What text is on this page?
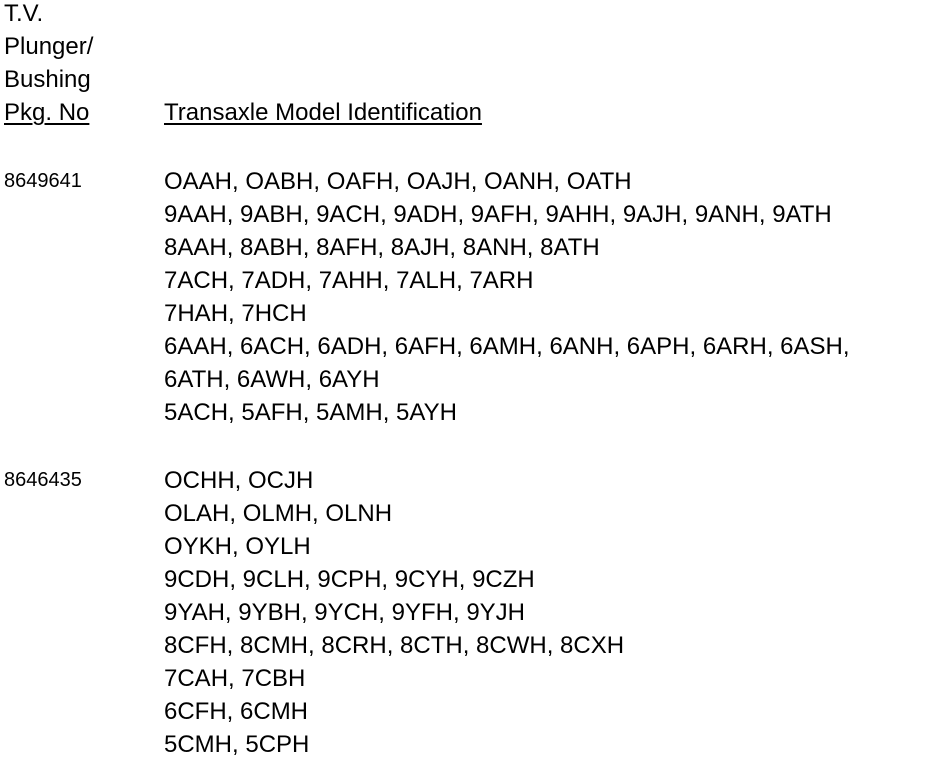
T.V.
Plunger/
Bushing
Pkg. No	Transaxle Model Identification
8649641	OAAH, OABH, OAFH, OAJH, OANH, OATH
9AAH, 9ABH, 9ACH, 9ADH, 9AFH, 9AHH, 9AJH, 9ANH, 9ATH
8AAH, 8ABH, 8AFH, 8AJH, 8ANH, 8ATH
7ACH, 7ADH, 7AHH, 7ALH, 7ARH
7HAH, 7HCH
6AAH, 6ACH, 6ADH, 6AFH, 6AMH, 6ANH, 6APH, 6ARH, 6ASH,
6ATH, 6AWH, 6AYH
5ACH, 5AFH, 5AMH, 5AYH
8646435	OCHH, OCJH
OLAH, OLMH, OLNH
OYKH, OYLH
9CDH, 9CLH, 9CPH, 9CYH, 9CZH
9YAH, 9YBH, 9YCH, 9YFH, 9YJH
8CFH, 8CMH, 8CRH, 8CTH, 8CWH, 8CXH
7CAH, 7CBH
6CFH, 6CMH
5CMH, 5CPH
